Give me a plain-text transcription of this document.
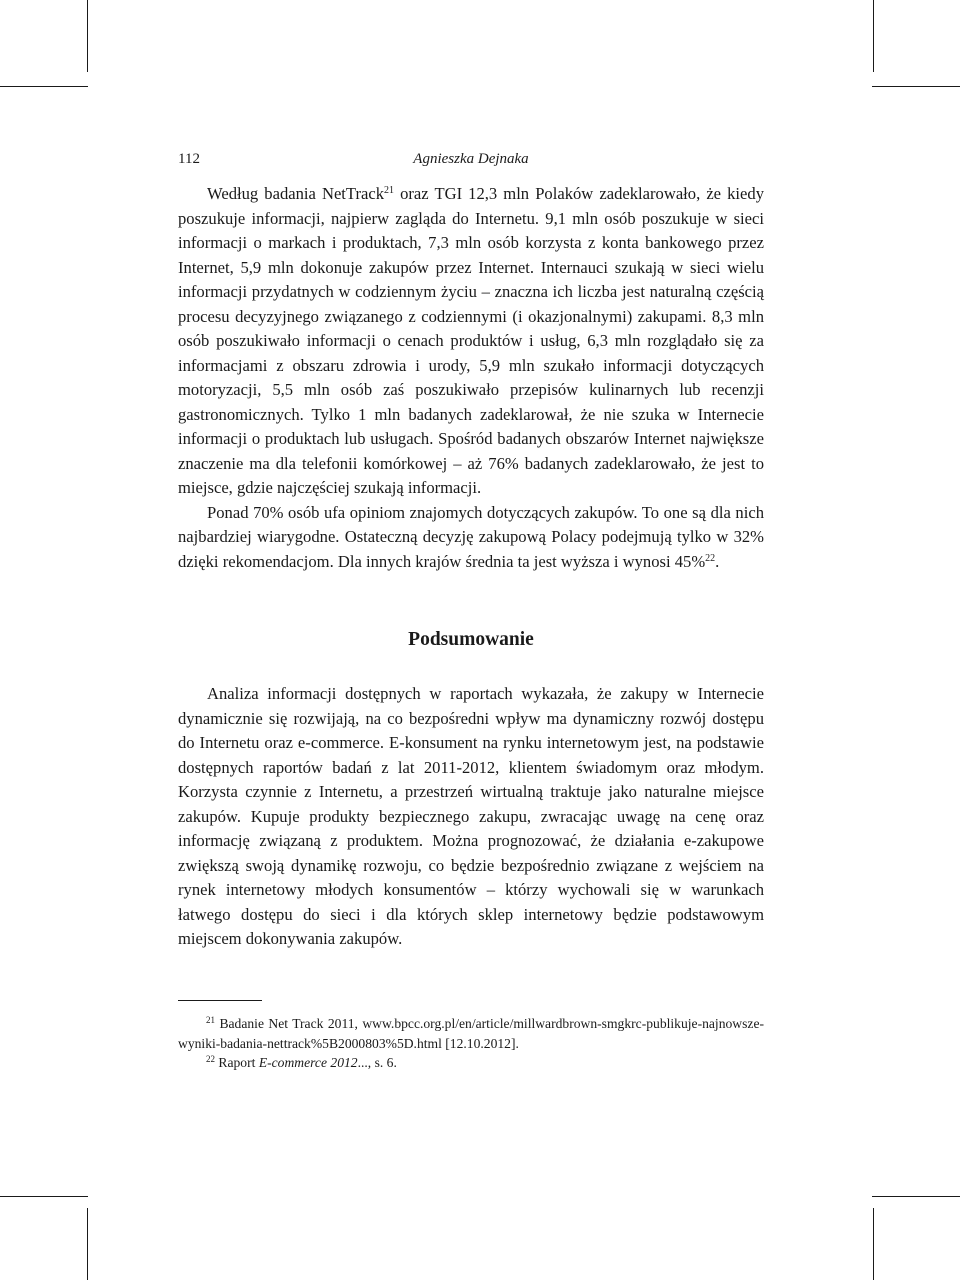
112	Agnieszka Dejnaka

Według badania NetTrack$^{21}$ oraz TGI 12,3 mln Polaków zadeklarowało, że kiedy poszukuje informacji, najpierw zagląda do Internetu. 9,1 mln osób poszukuje w sieci informacji o markach i produktach, 7,3 mln osób korzysta z konta bankowego przez Internet, 5,9 mln dokonuje zakupów przez Internet. Internauci szukają w sieci wielu informacji przydatnych w codziennym życiu – znaczna ich liczba jest naturalną częścią procesu decyzyjnego związanego z codziennymi (i okazjonalnymi) zakupami. 8,3 mln osób poszukiwało informacji o cenach produktów i usług, 6,3 mln rozglądało się za informacjami z obszaru zdrowia i urody, 5,9 mln szukało informacji dotyczących motoryzacji, 5,5 mln osób zaś poszukiwało przepisów kulinarnych lub recenzji gastronomicznych. Tylko 1 mln badanych zadeklarował, że nie szuka w Internecie informacji o produktach lub usługach. Spośród badanych obszarów Internet największe znaczenie ma dla telefonii komórkowej – aż 76% badanych zadeklarowało, że jest to miejsce, gdzie najczęściej szukają informacji.

Ponad 70% osób ufa opiniom znajomych dotyczących zakupów. To one są dla nich najbardziej wiarygodne. Ostateczną decyzję zakupową Polacy podejmują tylko w 32% dzięki rekomendacjom. Dla innych krajów średnia ta jest wyższa i wynosi 45%$^{22}$.

Podsumowanie

Analiza informacji dostępnych w raportach wykazała, że zakupy w Internecie dynamicznie się rozwijają, na co bezpośredni wpływ ma dynamiczny rozwój dostępu do Internetu oraz e-commerce. E-konsument na rynku internetowym jest, na podstawie dostępnych raportów badań z lat 2011-2012, klientem świadomym oraz młodym. Korzysta czynnie z Internetu, a przestrzeń wirtualną traktuje jako naturalne miejsce zakupów. Kupuje produkty bezpiecznego zakupu, zwracając uwagę na cenę oraz informację związaną z produktem. Można prognozować, że działania e-zakupowe zwiększą swoją dynamikę rozwoju, co będzie bezpośrednio związane z wejściem na rynek internetowy młodych konsumentów – którzy wychowali się w warunkach łatwego dostępu do sieci i dla których sklep internetowy będzie podstawowym miejscem dokonywania zakupów.

$^{21}$ Badanie Net Track 2011, www.bpcc.org.pl/en/article/millwardbrown-smgkrc-publikuje-najnowsze-wyniki-badania-nettrack%5B2000803%5D.html [12.10.2012].

$^{22}$ Raport E-commerce 2012..., s. 6.
